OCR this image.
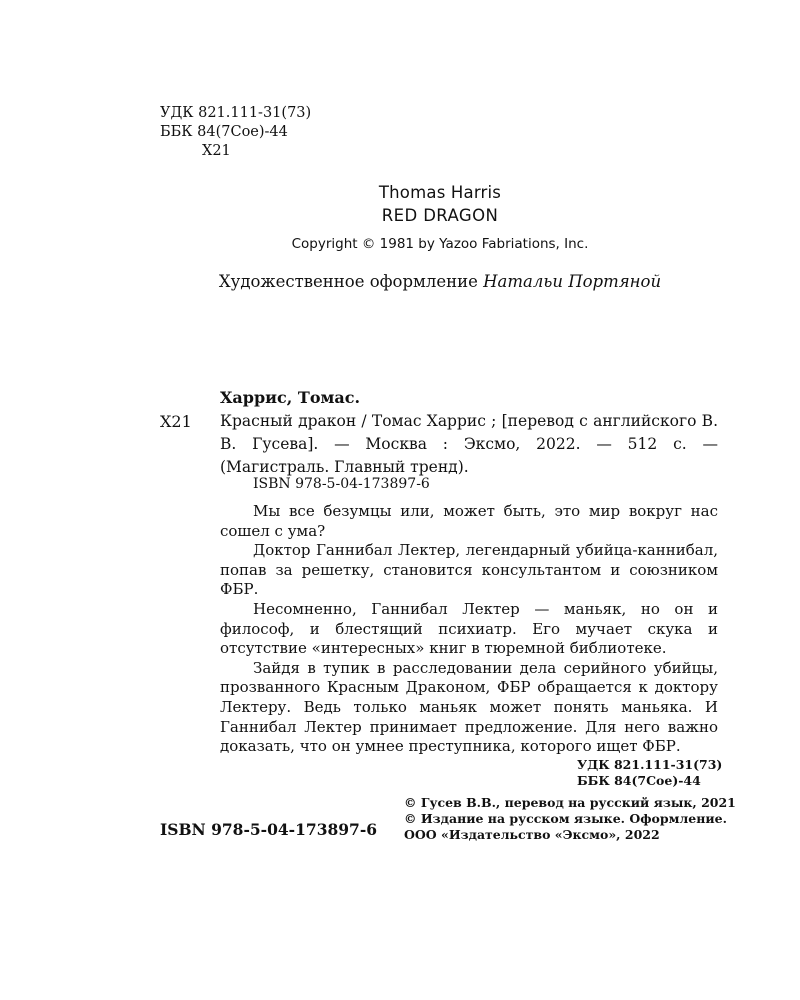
УДК 821.111-31(73)
ББК 84(7Сое)-44
Х21
Thomas Harris
RED DRAGON
Copyright © 1981 by Yazoo Fabriations, Inc.
Художественное оформление Натальи Портяной
Харрис, Томас.
Х21 Красный дракон / Томас Харрис ; [перевод с английского В. В. Гусева]. — Москва : Эксмо, 2022. — 512 с. — (Магистраль. Главный тренд).
ISBN 978-5-04-173897-6

Мы все безумцы или, может быть, это мир вокруг нас сошел с ума?

Доктор Ганнибал Лектер, легендарный убийца-каннибал, попав за решетку, становится консультантом и союзником ФБР.

Несомненно, Ганнибал Лектер — маньяк, но он и философ, и блестящий психиатр. Его мучает скука и отсутствие «интересных» книг в тюремной библиотеке.

Зайдя в тупик в расследовании дела серийного убийцы, прозванного Красным Драконом, ФБР обращается к доктору Лектеру. Ведь только маньяк может понять маньяка. И Ганнибал Лектер принимает предложение. Для него важно доказать, что он умнее преступника, которого ищет ФБР.

УДК 821.111-31(73)
ББК 84(7Сое)-44
© Гусев В.В., перевод на русский язык, 2021
© Издание на русском языке. Оформление.
ООО «Издательство «Эксмо», 2022
ISBN 978-5-04-173897-6
